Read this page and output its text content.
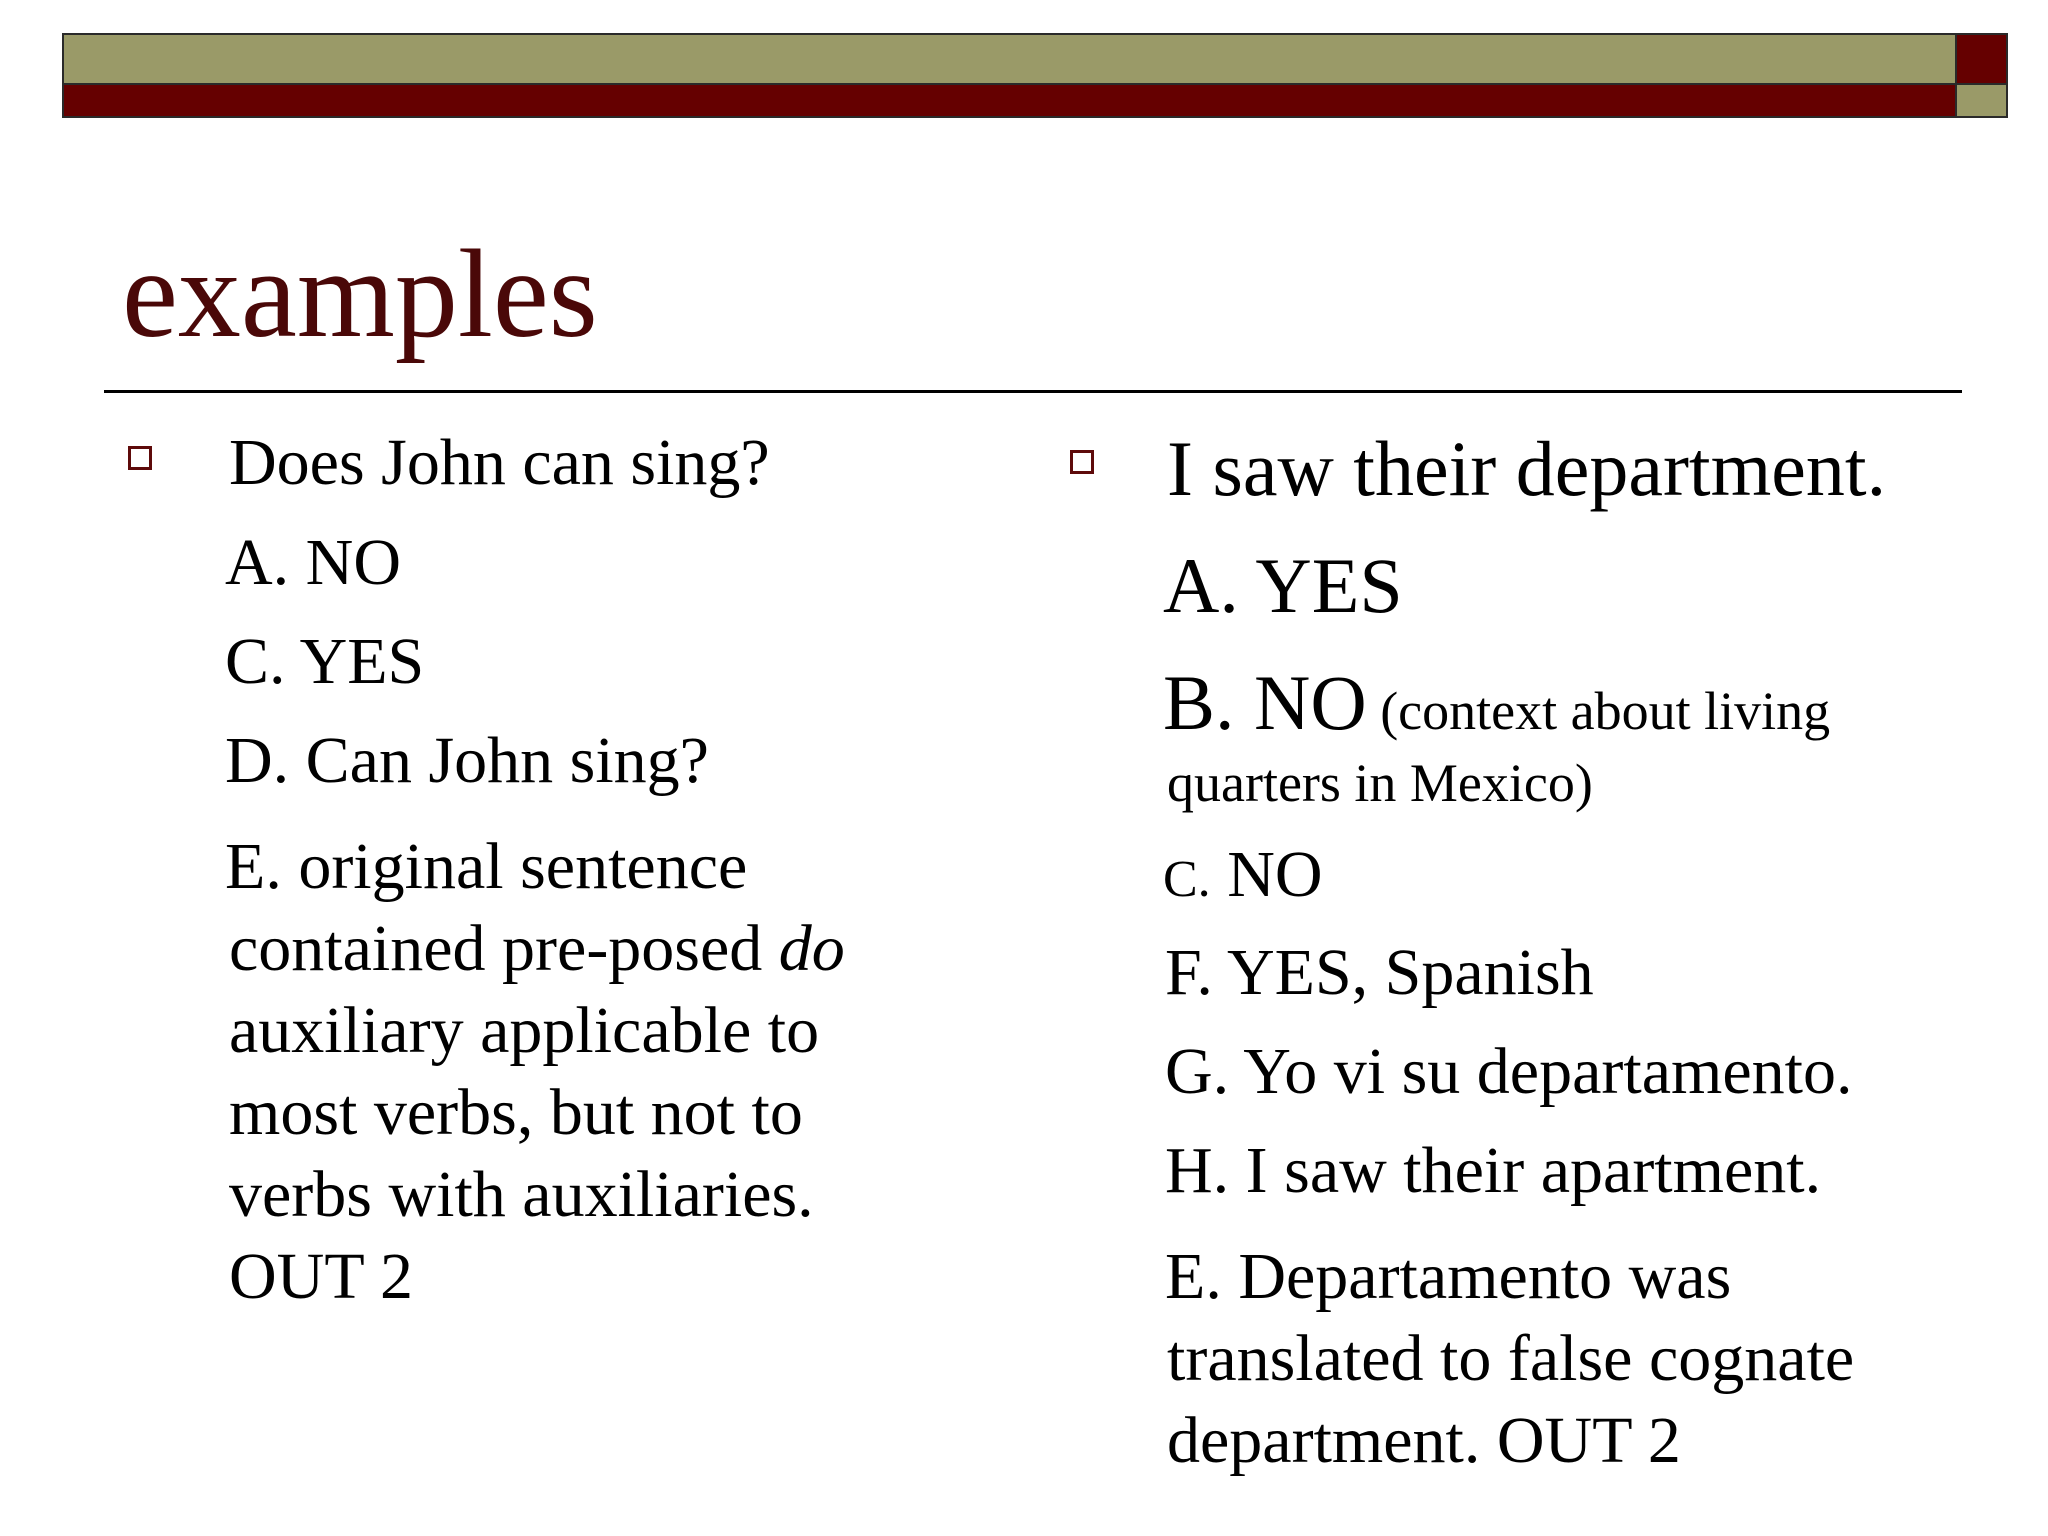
examples
Does John can sing?
A. NO
C. YES
D. Can John sing?
E. original sentence
contained pre-posed do
auxiliary applicable to
most verbs, but not to
verbs with auxiliaries.
OUT 2
I saw their department.
A. YES
B. NO (context about living
quarters in Mexico)
C. NO
F. YES, Spanish
G. Yo vi su departamento.
H. I saw their apartment.
E. Departamento was
translated to false cognate
department. OUT 2
